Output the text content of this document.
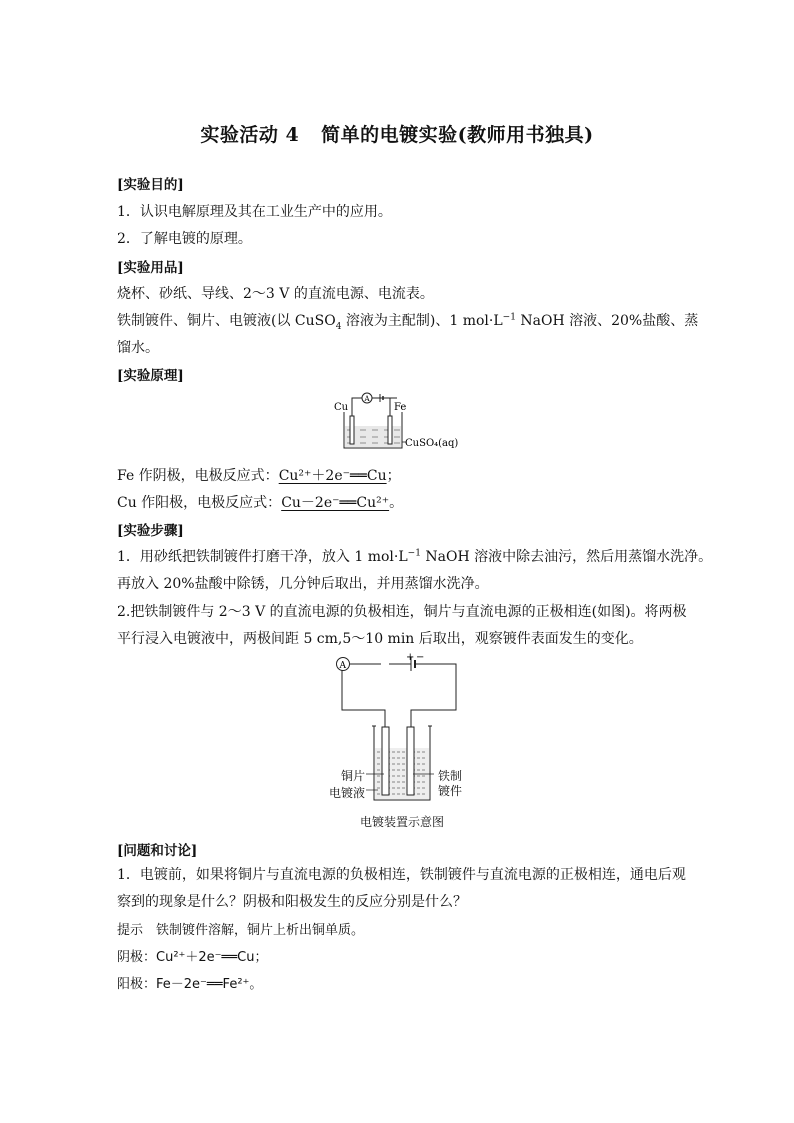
实验活动 4 简单的电镀实验(教师用书独具)
[实验目的]
1．认识电解原理及其在工业生产中的应用。
2．了解电镀的原理。
[实验用品]
烧杯、砂纸、导线、2～3 V 的直流电源、电流表。
铁制镀件、铜片、电镀液(以 CuSO$_4$ 溶液为主配制)、1 $mol\cdot L^{-1}$ NaOH 溶液、20%盐酸、蒸
馏水。
[实验原理]
A
Cu	Fe
CuSO₄(aq)
Fe 作阴极，电极反应式：Cu²⁺＋2e⁻══Cu；
Cu 作阳极，电极反应式：Cu－2e⁻══Cu²⁺。
[实验步骤]
1．用砂纸把铁制镀件打磨干净，放入 1 $mol\cdot L^{-1}$ NaOH 溶液中除去油污，然后用蒸馏水洗净。
再放入 20%盐酸中除锈，几分钟后取出，并用蒸馏水洗净。
2.把铁制镀件与 2～3 V 的直流电源的负极相连，铜片与直流电源的正极相连(如图)。将两极
平行浸入电镀液中，两极间距 5 cm,5～10 min 后取出，观察镀件表面发生的变化。
A
+ −
铜片
电镀液
铁制
镀件
电镀装置示意图
[问题和讨论]
1．电镀前，如果将铜片与直流电源的负极相连，铁制镀件与直流电源的正极相连，通电后观
察到的现象是什么？阴极和阳极发生的反应分别是什么？
提示　铁制镀件溶解，铜片上析出铜单质。
阴极：Cu²⁺＋2e⁻══Cu；
阳极：Fe－2e⁻══Fe²⁺。
